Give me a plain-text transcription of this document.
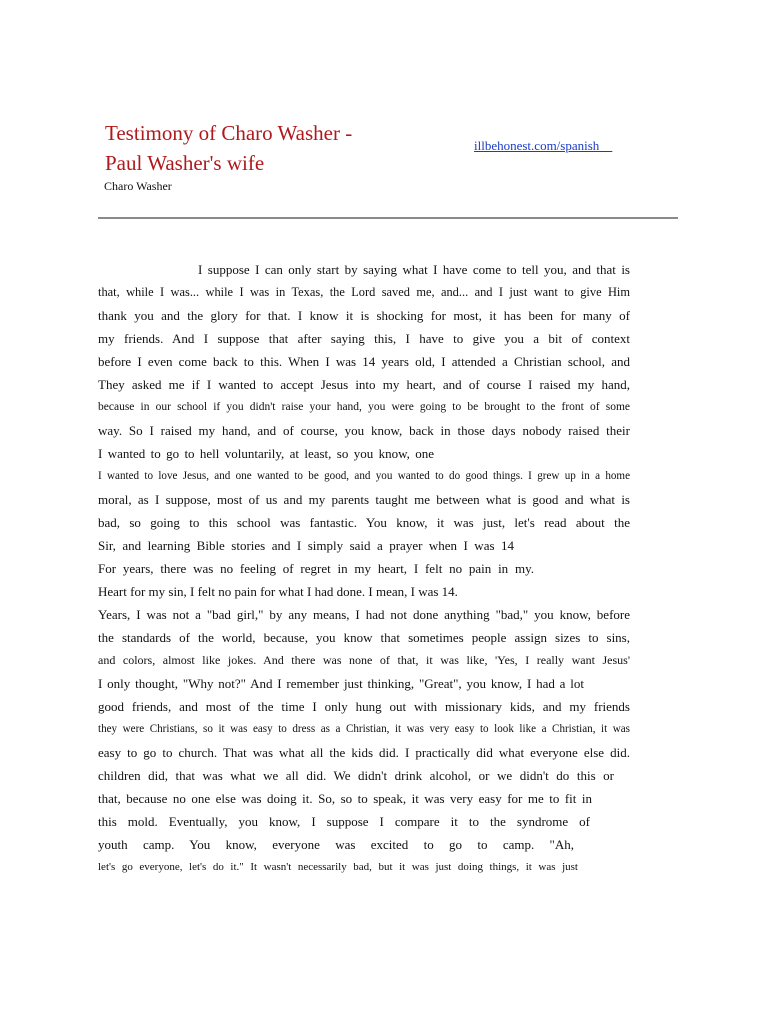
Testimony of Charo Washer -
Paul Washer's wife
Charo Washer
illbehonest.com/spanish
I suppose I can only start by saying what I have come to tell you, and that is
that, while I was... while I was in Texas, the Lord saved me, and... and I just want to give Him
thank you and the glory for that. I know it is shocking for most, it has been for many of
my friends. And I suppose that after saying this, I have to give you a bit of context
before I even come back to this. When I was 14 years old, I attended a Christian school, and
They asked me if I wanted to accept Jesus into my heart, and of course I raised my hand,
because in our school if you didn't raise your hand, you were going to be brought to the front of some
way. So I raised my hand, and of course, you know, back in those days nobody raised their
I wanted to go to hell voluntarily, at least, so you know, one
I wanted to love Jesus, and one wanted to be good, and you wanted to do good things. I grew up in a home
moral, as I suppose, most of us and my parents taught me between what is good and what is
bad, so going to this school was fantastic. You know, it was just, let's read about the
Sir, and learning Bible stories and I simply said a prayer when I was 14
For years, there was no feeling of regret in my heart, I felt no pain in my.
Heart for my sin, I felt no pain for what I had done. I mean, I was 14.
Years, I was not a "bad girl," by any means, I had not done anything "bad," you know, before
the standards of the world, because, you know that sometimes people assign sizes to sins,
and colors, almost like jokes. And there was none of that, it was like, 'Yes, I really want Jesus'
I only thought, "Why not?" And I remember just thinking, "Great", you know, I had a lot
good friends, and most of the time I only hung out with missionary kids, and my friends
they were Christians, so it was easy to dress as a Christian, it was very easy to look like a Christian, it was
easy to go to church. That was what all the kids did. I practically did what everyone else did.
children did, that was what we all did. We didn't drink alcohol, or we didn't do this or
that, because no one else was doing it. So, so to speak, it was very easy for me to fit in
this mold. Eventually, you know, I suppose I compare it to the syndrome of
youth camp. You know, everyone was excited to go to camp. "Ah,
let's go everyone, let's do it." It wasn't necessarily bad, but it was just doing things, it was just
